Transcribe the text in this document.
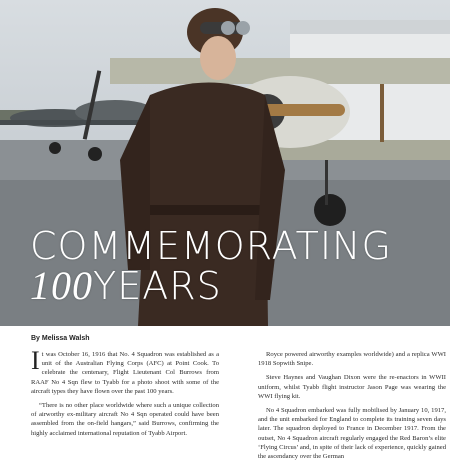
COMMEMORATING
100YEARS
By Melissa Walsh

It was October 16, 1916 that No. 4 Squadron was established as a unit of the Australian Flying Corps (AFC) at Point Cook. To celebrate the centenary, Flight Lieutenant Col Burrows from RAAF No 4 Sqn flew to Tyabb for a photo shoot with some of the aircraft types they have flown over the past 100 years.

“There is no other place worldwide where such a unique collection of airworthy ex-military aircraft No 4 Sqn operated could have been assembled from the on-field hangars,” said Burrows, confirming the highly acclaimed international reputation of Tyabb Airport.

Royce powered airworthy examples worldwide) and a replica WWI 1918 Sopwith Snipe.

Steve Haynes and Vaughan Dixon were the re-enactors in WWII uniform, whilst Tyabb flight instructor Jason Page was wearing the WWI flying kit.

No 4 Squadron embarked was fully mobilised by January 10, 1917, and the unit embarked for England to complete its training seven days later. The squadron deployed to France in December 1917. From the outset, No 4 Squadron aircraft regularly engaged the Red Baron’s elite ‘Flying Circus’ and, in spite of their lack of experience, quickly gained the ascendancy over the German
